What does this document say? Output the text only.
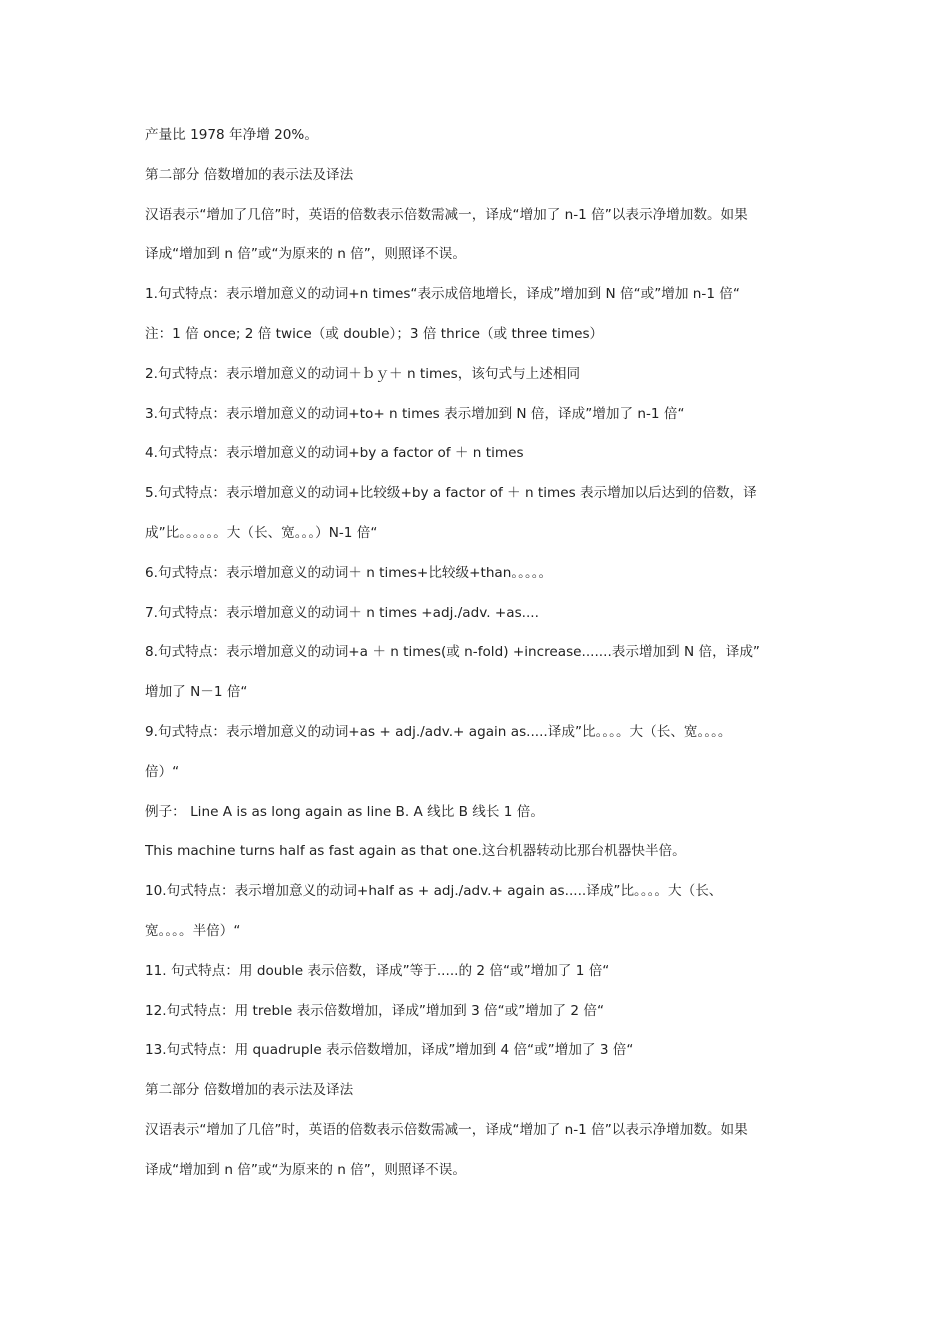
产量比 1978 年净增 20%。
第二部分 倍数增加的表示法及译法
汉语表示“增加了几倍”时，英语的倍数表示倍数需减一，译成“增加了 n-1 倍”以表示净增加数。如果
译成“增加到 n 倍”或“为原来的 n 倍”，则照译不误。
1.句式特点：表示增加意义的动词+n times“表示成倍地增长，译成”增加到 N 倍“或”增加 n-1 倍“
注：1 倍 once; 2 倍 twice（或 double）；3 倍 thrice（或 three times）
2.句式特点：表示增加意义的动词＋ｂｙ＋ n times，该句式与上述相同
3.句式特点：表示增加意义的动词+to+ n times 表示增加到 N 倍，译成”增加了 n-1 倍“
4.句式特点：表示增加意义的动词+by a factor of ＋ n times
5.句式特点：表示增加意义的动词+比较级+by a factor of ＋ n times 表示增加以后达到的倍数，译
成”比。。。。。。大（长、宽。。。）N-1 倍“
6.句式特点：表示增加意义的动词＋ n times+比较级+than。。。。。
7.句式特点：表示增加意义的动词＋ n times +adj./adv. +as....
8.句式特点：表示增加意义的动词+a ＋ n times(或 n-fold) +increase.......表示增加到 N 倍，译成”
增加了 N－1 倍“
9.句式特点：表示增加意义的动词+as + adj./adv.+ again as.....译成”比。。。。大（长、宽。。。。
倍）“
例子： Line A is as long again as line B. A 线比 B 线长 1 倍。
This machine turns half as fast again as that one.这台机器转动比那台机器快半倍。
10.句式特点：表示增加意义的动词+half as + adj./adv.+ again as.....译成”比。。。。大（长、
宽。。。。半倍）“
11. 句式特点：用 double 表示倍数，译成”等于.....的 2 倍“或”增加了 1 倍“
12.句式特点：用 treble 表示倍数增加，译成”增加到 3 倍“或”增加了 2 倍“
13.句式特点：用 quadruple 表示倍数增加，译成”增加到 4 倍“或”增加了 3 倍“
第二部分 倍数增加的表示法及译法
汉语表示“增加了几倍”时，英语的倍数表示倍数需减一，译成“增加了 n-1 倍”以表示净增加数。如果
译成“增加到 n 倍”或“为原来的 n 倍”，则照译不误。
